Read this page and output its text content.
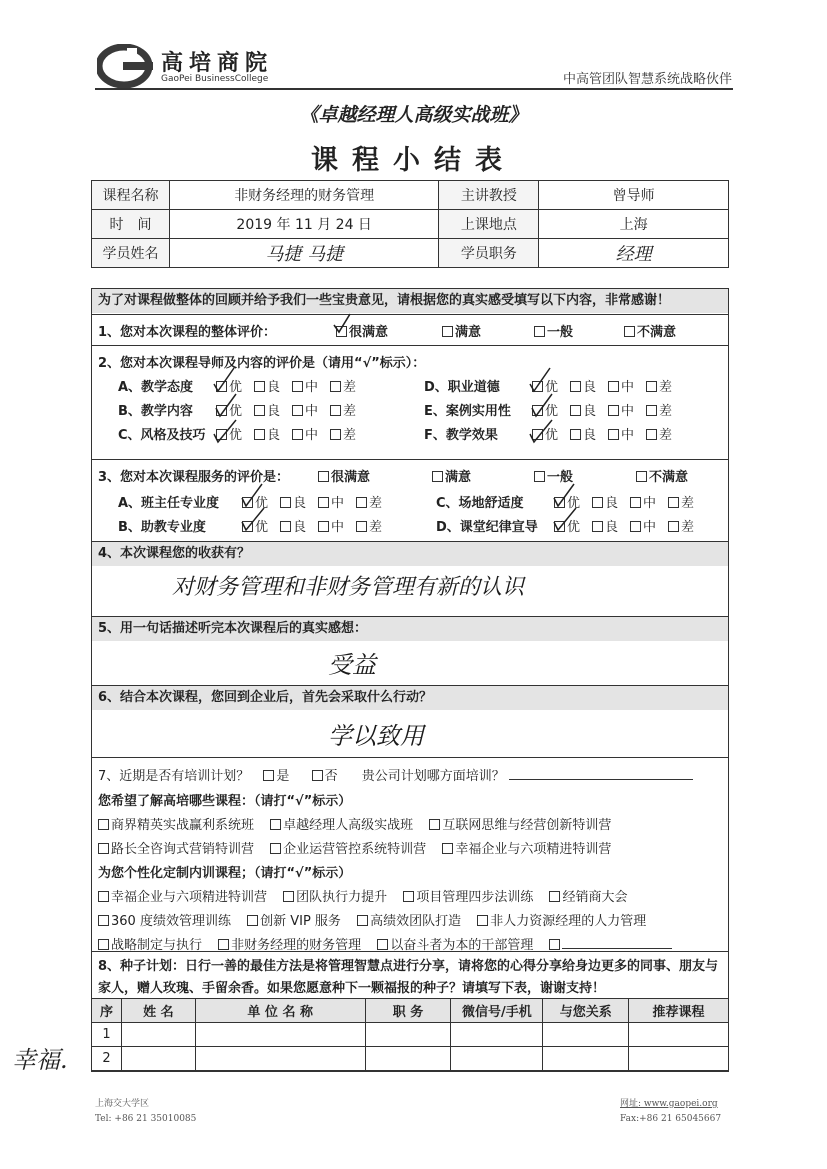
高培商院
GaoPei BusinessCollege	中高管团队智慧系统战略伙伴
《卓越经理人高级实战班》
课程小结表
课程名称	非财务经理的财务管理	主讲教授	曾导师
时　间	2019 年 11 月 24 日	上课地点	上海
学员姓名	马捷 马捷	学员职务	经理
为了对课程做整体的回顾并给予我们一些宝贵意见，请根据您的真实感受填写以下内容，非常感谢！
1、您对本次课程的整体评价：	很满意	满意	一般	不满意
2、您对本次课程导师及内容的评价是（请用“√”标示）：
A、教学态度	优 良 中 差
B、教学内容	优 良 中 差
C、风格及技巧 优 良 中 差
D、职业道德	优 良 中 差
E、案例实用性	优 良 中 差
F、教学效果	优 良 中 差
3、您对本次课程服务的评价是：	很满意	满意	一般	不满意
A、班主任专业度	优 良 中 差
B、助教专业度	优 良 中 差
C、场地舒适度	优 良 中 差
D、课堂纪律宣导 优 良 中 差
4、本次课程您的收获有？
对财务管理和非财务管理有新的认识
5、用一句话描述听完本次课程后的真实感想：
受益
6、结合本次课程，您回到企业后，首先会采取什么行动？
学以致用
7、近期是否有培训计划？ 是	否 贵公司计划哪方面培训？
您希望了解高培哪些课程：（请打“√”标示）
商界精英实战赢利系统班 卓越经理人高级实战班 互联网思维与经营创新特训营
路长全咨询式营销特训营 企业运营管控系统特训营 幸福企业与六项精进特训营
为您个性化定制内训课程；（请打“√”标示）
幸福企业与六项精进特训营 团队执行力提升 项目管理四步法训练 经销商大会
360 度绩效管理训练 创新 VIP 服务 高绩效团队打造 非人力资源经理的人力管理
战略制定与执行 非财务经理的财务管理 以奋斗者为本的干部管理
8、种子计划：日行一善的最佳方法是将管理智慧点进行分享，请将您的心得分享给身边更多的同事、朋友与家人，赠人玫瑰、手留余香。如果您愿意种下一颗福报的种子？请填写下表，谢谢支持！
序	姓 名	单 位 名 称	职 务	微信号/手机	与您关系	推荐课程
1						
2						
幸福.
上海交大学区
Tel: +86 21 35010085
网址: www.gaopei.org
Fax:+86 21 65045667
